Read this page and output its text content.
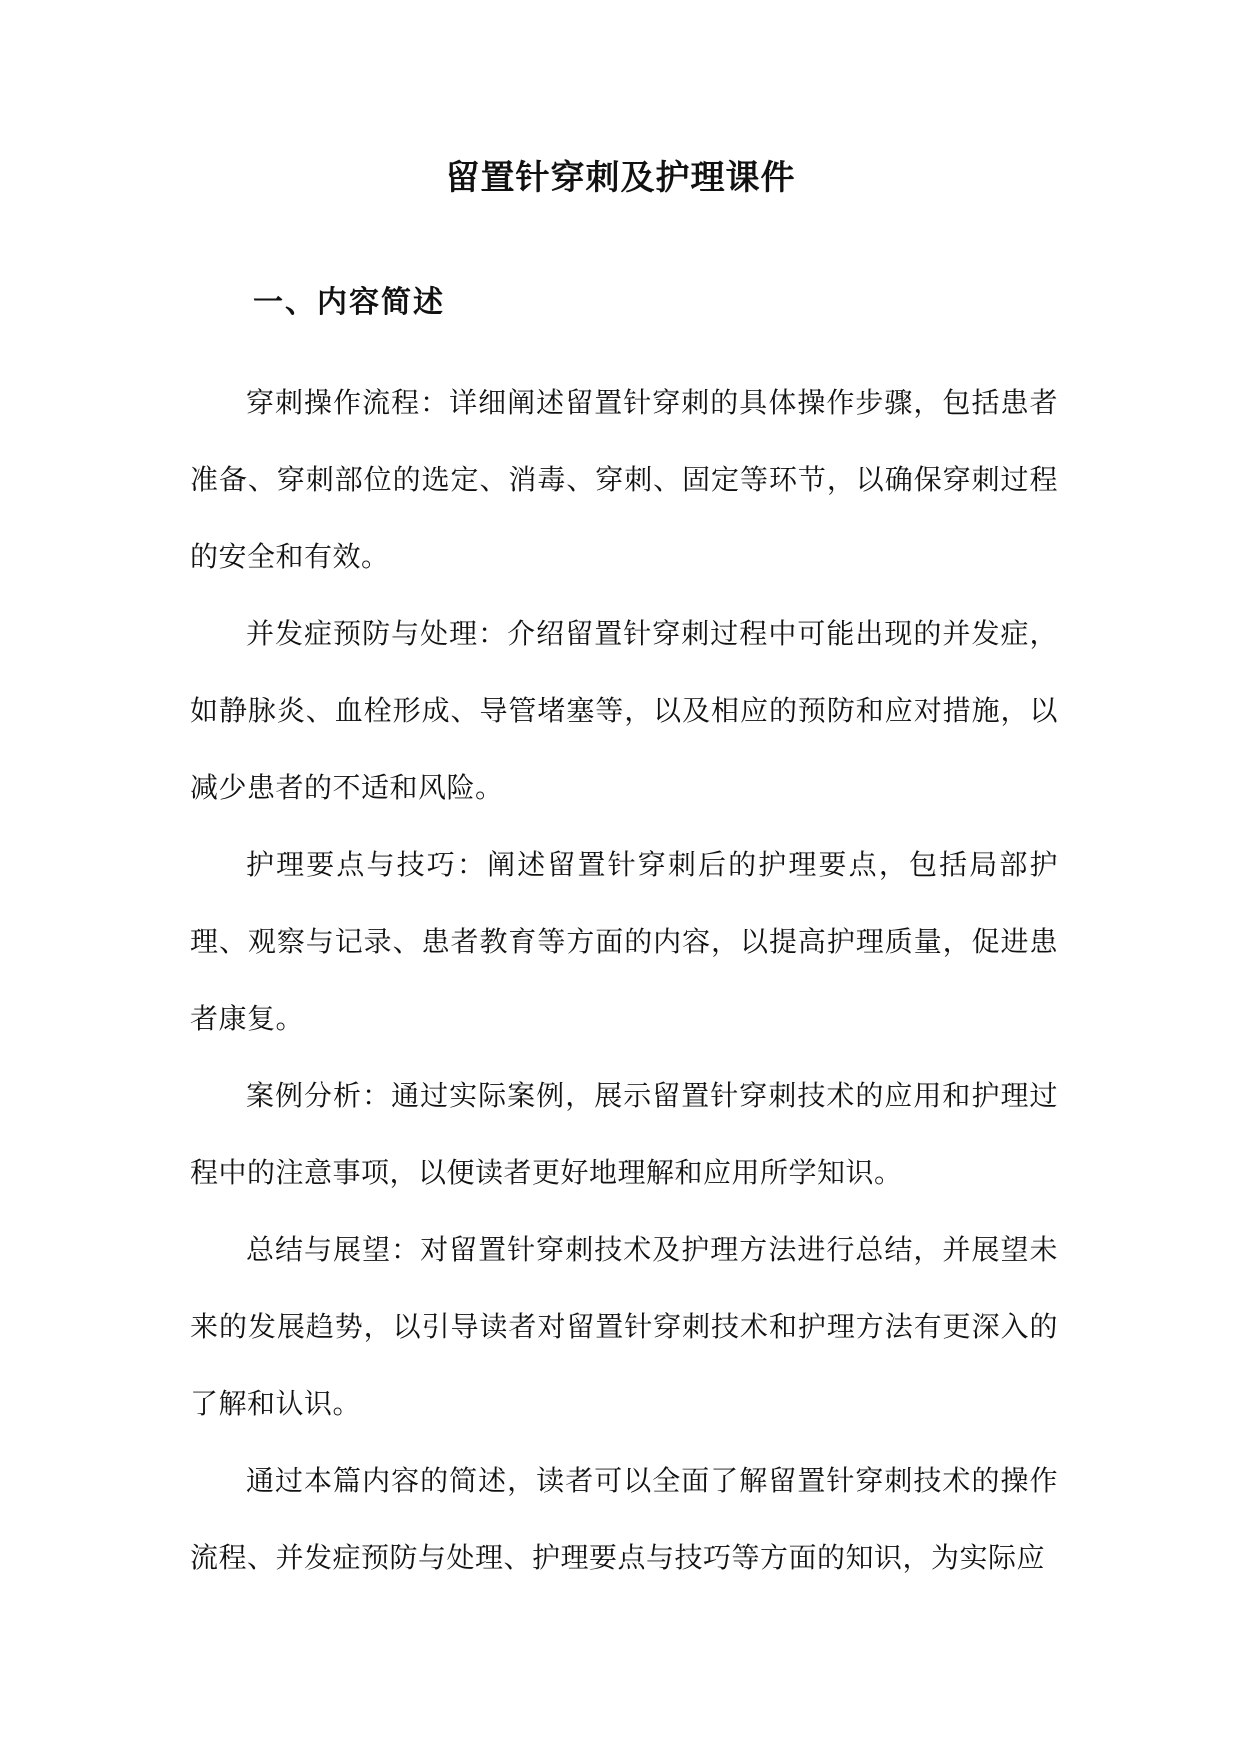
留置针穿刺及护理课件
一、内容简述

穿刺操作流程：详细阐述留置针穿刺的具体操作步骤，包括患者准备、穿刺部位的选定、消毒、穿刺、固定等环节，以确保穿刺过程的安全和有效。

并发症预防与处理：介绍留置针穿刺过程中可能出现的并发症，如静脉炎、血栓形成、导管堵塞等，以及相应的预防和应对措施，以减少患者的不适和风险。

护理要点与技巧：阐述留置针穿刺后的护理要点，包括局部护理、观察与记录、患者教育等方面的内容，以提高护理质量，促进患者康复。

案例分析：通过实际案例，展示留置针穿刺技术的应用和护理过程中的注意事项，以便读者更好地理解和应用所学知识。

总结与展望：对留置针穿刺技术及护理方法进行总结，并展望未来的发展趋势，以引导读者对留置针穿刺技术和护理方法有更深入的了解和认识。

通过本篇内容的简述，读者可以全面了解留置针穿刺技术的操作流程、并发症预防与处理、护理要点与技巧等方面的知识，为实际应
